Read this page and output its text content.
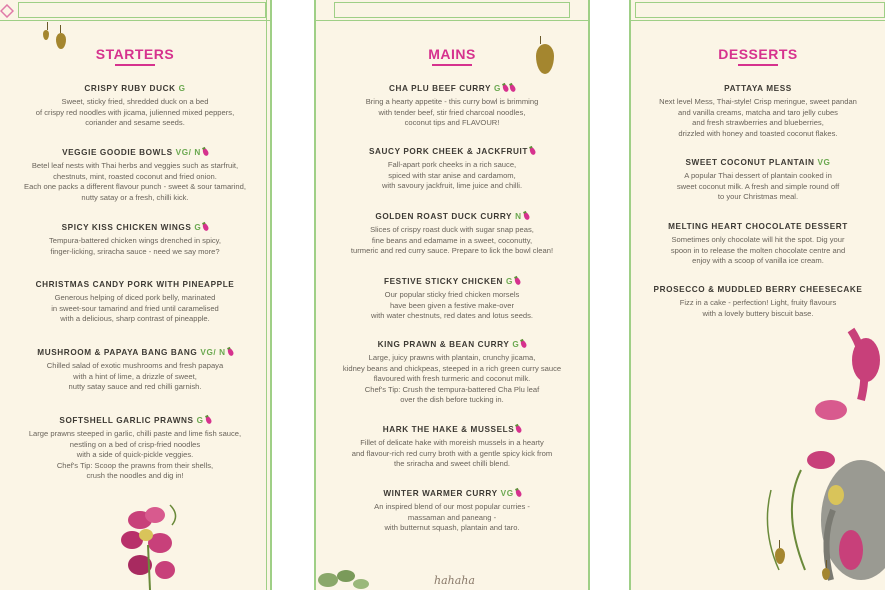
STARTERS
CRISPY RUBY DUCK G
Sweet, sticky fried, shredded duck on a bed
of crispy red noodles with jicama, julienned mixed peppers,
coriander and sesame seeds.
VEGGIE GOODIE BOWLS VG/ N
Betel leaf nests with Thai herbs and veggies such as starfruit,
chestnuts, mint, roasted coconut and fried onion.
Each one packs a different flavour punch - sweet & sour tamarind,
nutty satay or a fresh, chilli kick.
SPICY KISS CHICKEN WINGS G
Tempura-battered chicken wings drenched in spicy,
finger-licking, sriracha sauce - need we say more?
CHRISTMAS CANDY PORK WITH PINEAPPLE
Generous helping of diced pork belly, marinated
in sweet-sour tamarind and fried until caramelised
with a delicious, sharp contrast of pineapple.
MUSHROOM & PAPAYA BANG BANG VG/ N
Chilled salad of exotic mushrooms and fresh papaya
with a hint of lime, a drizzle of sweet,
nutty satay sauce and red chilli garnish.
SOFTSHELL GARLIC PRAWNS G
Large prawns steeped in garlic, chilli paste and lime fish sauce,
nestling on a bed of crisp-fried noodles
with a side of quick-pickle veggies.
Chef's Tip: Scoop the prawns from their shells,
crush the noodles and dig in!
MAINS
CHA PLU BEEF CURRY G
Bring a hearty appetite - this curry bowl is brimming
with tender beef, stir fried charcoal noodles,
coconut tips and FLAVOUR!
SAUCY PORK CHEEK & JACKFRUIT
Fall-apart pork cheeks in a rich sauce,
spiced with star anise and cardamom,
with savoury jackfruit, lime juice and chilli.
GOLDEN ROAST DUCK CURRY N
Slices of crispy roast duck with sugar snap peas,
fine beans and edamame in a sweet, coconutty,
turmeric and red curry sauce. Prepare to lick the bowl clean!
FESTIVE STICKY CHICKEN G
Our popular sticky fried chicken morsels
have been given a festive make-over
with water chestnuts, red dates and lotus seeds.
KING PRAWN & BEAN CURRY G
Large, juicy prawns with plantain, crunchy jicama,
kidney beans and chickpeas, steeped in a rich green curry sauce
flavoured with fresh turmeric and coconut milk.
Chef's Tip: Crush the tempura-battered Cha Plu leaf
over the dish before tucking in.
HARK THE HAKE & MUSSELS
Fillet of delicate hake with moreish mussels in a hearty
and flavour-rich red curry broth with a gentle spicy kick from
the sriracha and sweet chilli blend.
WINTER WARMER CURRY VG
An inspired blend of our most popular curries -
massaman and paneang -
with butternut squash, plantain and taro.
hahaha
DESSERTS
PATTAYA MESS
Next level Mess, Thai-style! Crisp meringue, sweet pandan
and vanilla creams, matcha and taro jelly cubes
and fresh strawberries and blueberries,
drizzled with honey and toasted coconut flakes.
SWEET COCONUT PLANTAIN VG
A popular Thai dessert of plantain cooked in
sweet coconut milk. A fresh and simple round off
to your Christmas meal.
MELTING HEART CHOCOLATE DESSERT
Sometimes only chocolate will hit the spot. Dig your
spoon in to release the molten chocolate centre and
enjoy with a scoop of vanilla ice cream.
PROSECCO & MUDDLED BERRY CHEESECAKE
Fizz in a cake - perfection! Light, fruity flavours
with a lovely buttery biscuit base.
